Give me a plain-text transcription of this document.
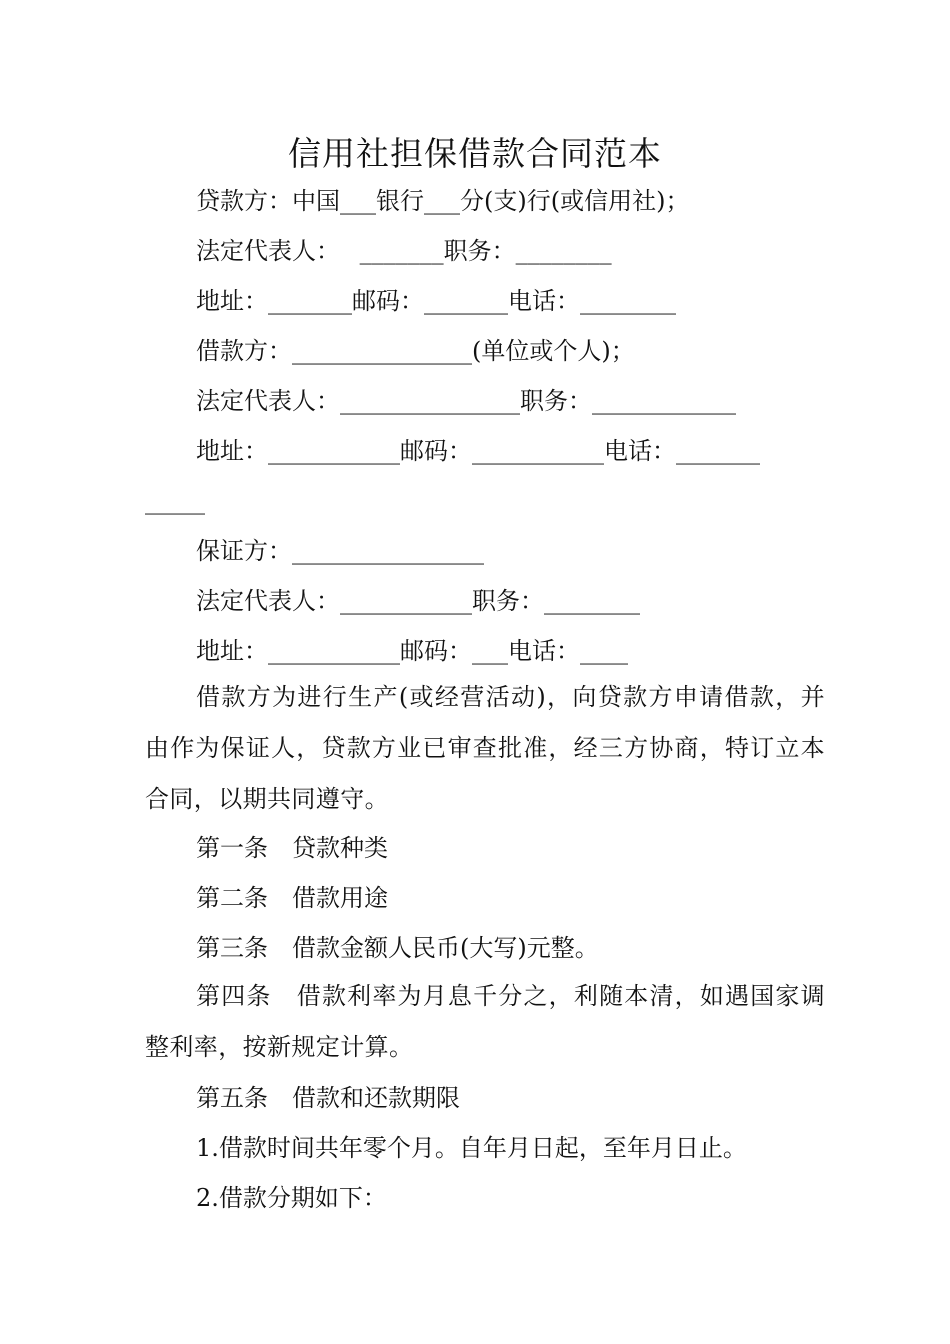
信用社担保借款合同范本
贷款方：中国___银行___分(支)行(或信用社)；
法定代表人：　 _______职务：________
地址：_______邮码：_______电话：________
借款方：_______________(单位或个人)；
法定代表人：_______________职务：____________
地址：___________邮码：___________电话：_______
_____
保证方：________________
法定代表人：___________职务：________
地址：___________邮码：___电话：____
借款方为进行生产(或经营活动)，向贷款方申请借款，并由作为保证人，贷款方业已审查批准，经三方协商，特订立本合同，以期共同遵守。
第一条　贷款种类
第二条　借款用途
第三条　借款金额人民币(大写)元整。
第四条　借款利率为月息千分之，利随本清，如遇国家调整利率，按新规定计算。
第五条　借款和还款期限
1.借款时间共年零个月。自年月日起，至年月日止。
2.借款分期如下：
